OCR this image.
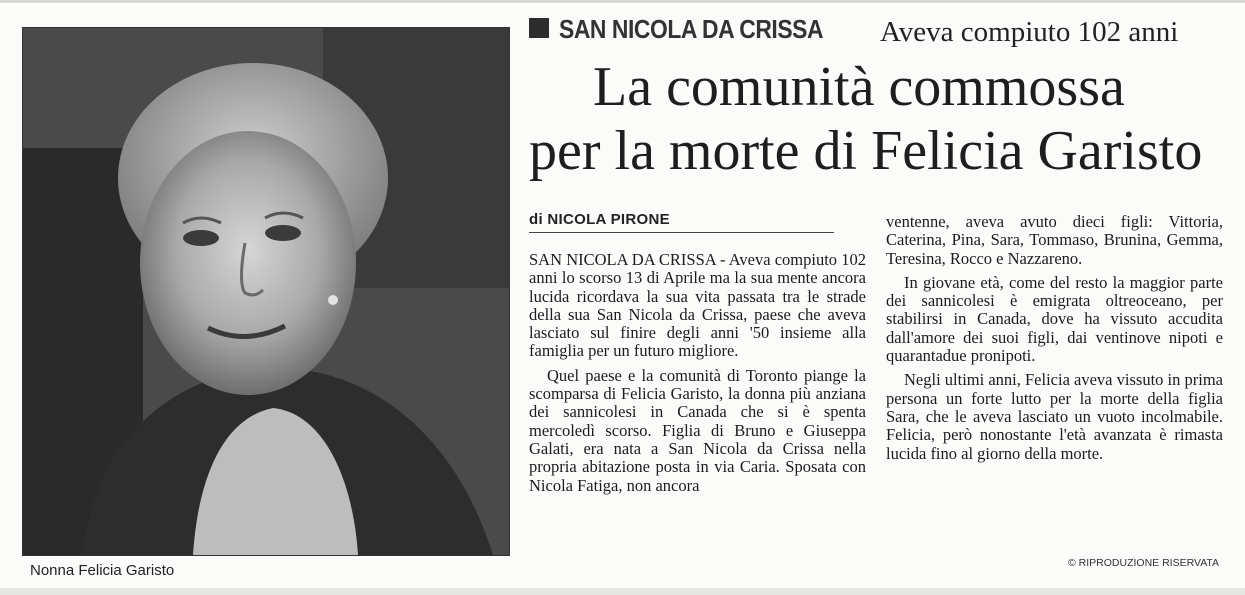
Nonna Felicia Garisto
SAN NICOLA DA CRISSA	Aveva compiuto 102 anni
La comunità commossa
per la morte di Felicia Garisto
di NICOLA PIRONE

SAN NICOLA DA CRISSA - Aveva compiuto 102 anni lo scorso 13 di Aprile ma la sua mente ancora lucida ricordava la sua vita passata tra le strade della sua San Nicola da Crissa, paese che aveva lasciato sul finire degli anni '50 insieme alla famiglia per un futuro migliore.

Quel paese e la comunità di Toronto piange la scomparsa di Felicia Garisto, la donna più anziana dei sannicolesi in Canada che si è spenta mercoledì scorso. Figlia di Bruno e Giuseppa Galati, era nata a San Nicola da Crissa nella propria abitazione posta in via Caria. Sposata con Nicola Fatiga, non ancora

ventenne, aveva avuto dieci figli: Vittoria, Caterina, Pina, Sara, Tommaso, Brunina, Gemma, Teresina, Rocco e Nazzareno.

In giovane età, come del resto la maggior parte dei sannicolesi è emigrata oltreoceano, per stabilirsi in Canada, dove ha vissuto accudita dall'amore dei suoi figli, dai ventinove nipoti e quarantadue pronipoti.

Negli ultimi anni, Felicia aveva vissuto in prima persona un forte lutto per la morte della figlia Sara, che le aveva lasciato un vuoto incolmabile. Felicia, però nonostante l'età avanzata è rimasta lucida fino al giorno della morte.

© RIPRODUZIONE RISERVATA
